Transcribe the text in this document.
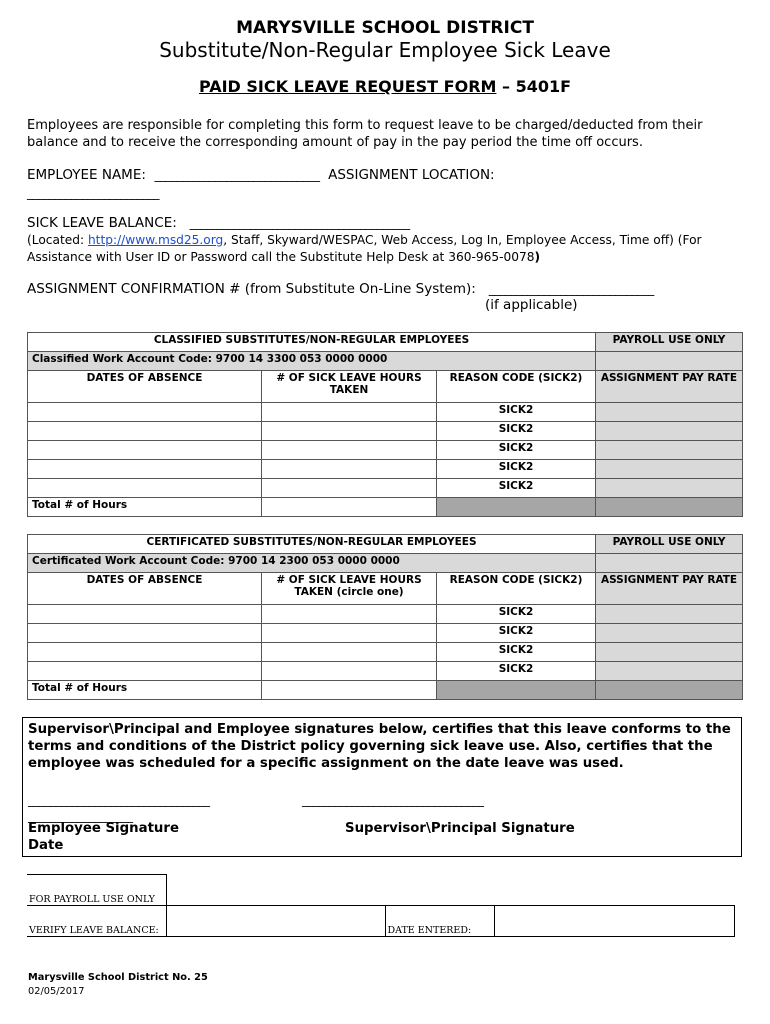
MARYSVILLE SCHOOL DISTRICT
Substitute/Non-Regular Employee Sick Leave
PAID SICK LEAVE REQUEST FORM – 5401F
Employees are responsible for completing this form to request leave to be charged/deducted from their balance and to receive the corresponding amount of pay in the pay period the time off occurs.
EMPLOYEE NAME: ______________________________ ASSIGNMENT LOCATION:
________________________
SICK LEAVE BALANCE: ________________________________________
(Located: http://www.msd25.org, Staff, Skyward/WESPAC, Web Access, Log In, Employee Access, Time off) (For Assistance with User ID or Password call the Substitute Help Desk at 360-965-0078)
ASSIGNMENT CONFIRMATION # (from Substitute On-Line System): ______________________________
(if applicable)
CLASSIFIED SUBSTITUTES/NON-REGULAR EMPLOYEES			PAYROLL USE ONLY
Classified Work Account Code: 9700 14 3300 053 0000 0000			
DATES OF ABSENCE	# OF SICK LEAVE HOURS TAKEN	REASON CODE (SICK2)	ASSIGNMENT PAY RATE
		SICK2	
		SICK2	
		SICK2	
		SICK2	
		SICK2	
Total # of Hours			
CERTIFICATED SUBSTITUTES/NON-REGULAR EMPLOYEES			PAYROLL USE ONLY
Certificated Work Account Code: 9700 14 2300 053 0000 0000			
DATES OF ABSENCE	# OF SICK LEAVE HOURS TAKEN (circle one)	REASON CODE (SICK2)	ASSIGNMENT PAY RATE
		SICK2	
		SICK2	
		SICK2	
		SICK2	
Total # of Hours			
Supervisor\Principal and Employee signatures below, certifies that this leave conforms to the terms and conditions of the District policy governing sick leave use. Also, certifies that the employee was scheduled for a specific assignment on the date leave was used.
_________________________________	_________________________________
___________________
Employee Signature	Supervisor\Principal Signature
Date
FOR PAYROLL USE ONLY			
VERIFY LEAVE BALANCE:		DATE ENTERED:	
Marysville School District No. 25
02/05/2017
